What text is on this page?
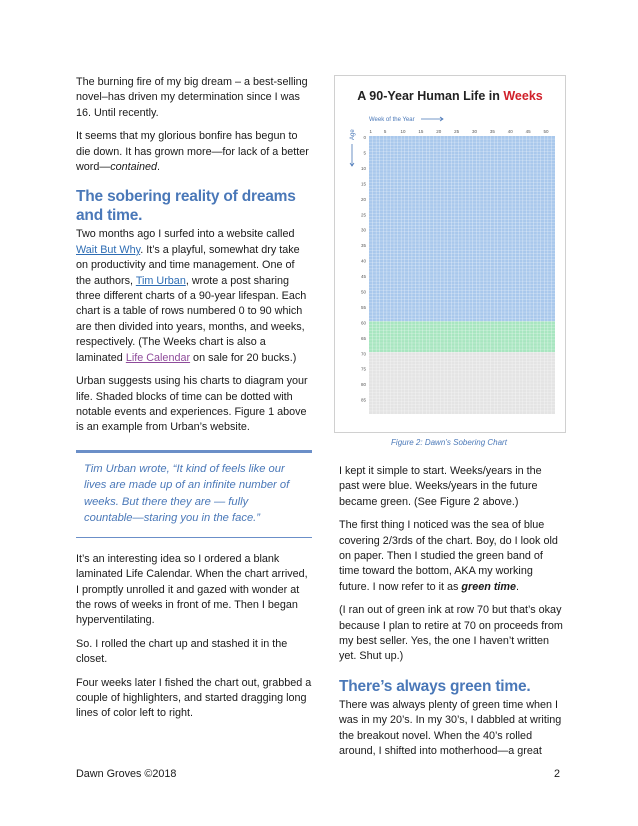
The burning fire of my big dream – a best-selling novel–has driven my determination since I was 16. Until recently.

It seems that my glorious bonfire has begun to die down. It has grown more—for lack of a better word—contained.

The sobering reality of dreams and time.

Two months ago I surfed into a website called Wait But Why. It’s a playful, somewhat dry take on productivity and time management. One of the authors, Tim Urban, wrote a post sharing three different charts of a 90-year lifespan. Each chart is a table of rows numbered 0 to 90 which are then divided into years, months, and weeks, respectively. (The Weeks chart is also a laminated Life Calendar on sale for 20 bucks.)

Urban suggests using his charts to diagram your life. Shaded blocks of time can be dotted with notable events and experiences. Figure 1 above is an example from Urban’s website.

Tim Urban wrote, “It kind of feels like our lives are made up of an infinite number of weeks. But there they are — fully countable—staring you in the face.”

It’s an interesting idea so I ordered a blank laminated Life Calendar. When the chart arrived, I promptly unrolled it and gazed with wonder at the rows of weeks in front of me. Then I began hyperventilating.

So. I rolled the chart up and stashed it in the closet.

Four weeks later I fished the chart out, grabbed a couple of highlighters, and started dragging long lines of color left to right.

A 90-Year Human Life in Weeks
Week of the Year
Age	1	5	10	15	20	25	30	35	40	45	50
0
5
10
15
20
25
30
35
40
45
50
55
60
65
70
75
80
85
Figure 2: Dawn’s Sobering Chart

I kept it simple to start. Weeks/years in the past were blue. Weeks/years in the future became green. (See Figure 2 above.)

The first thing I noticed was the sea of blue covering 2/3rds of the chart. Boy, do I look old on paper. Then I studied the green band of time toward the bottom, AKA my working future. I now refer to it as green time.

(I ran out of green ink at row 70 but that’s okay because I plan to retire at 70 on proceeds from my best seller. Yes, the one I haven’t written yet. Shut up.)

There’s always green time.

There was always plenty of green time when I was in my 20’s. In my 30’s, I dabbled at writing the breakout novel. When the 40’s rolled around, I shifted into motherhood—a great

Dawn Groves ©2018	2
